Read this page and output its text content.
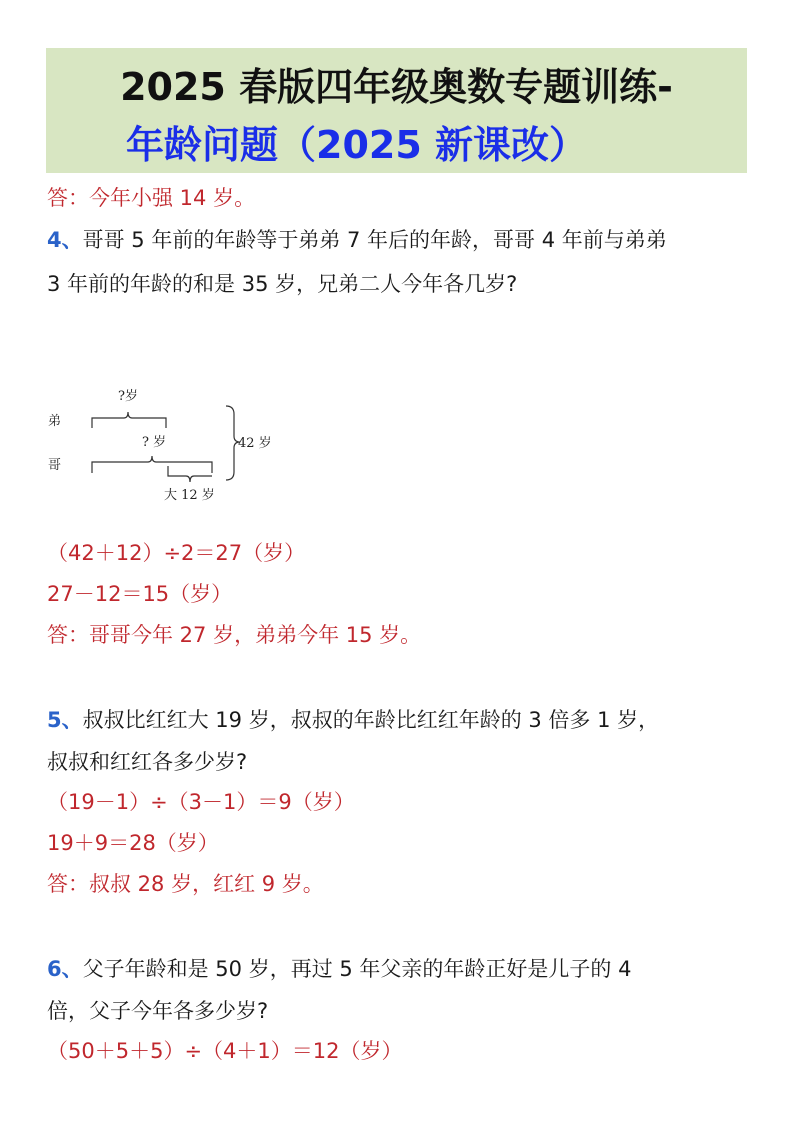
2025 春版四年级奥数专题训练-
年龄问题（2025 新课改）
答：今年小强 14 岁。
4、哥哥 5 年前的年龄等于弟弟 7 年后的年龄，哥哥 4 年前与弟弟
3 年前的年龄的和是 35 岁，兄弟二人今年各几岁?
弟
哥
?岁
? 岁	42 岁
大 12 岁
（42＋12）÷2＝27（岁）
27－12＝15（岁）
答：哥哥今年 27 岁，弟弟今年 15 岁。
5、叔叔比红红大 19 岁，叔叔的年龄比红红年龄的 3 倍多 1 岁，
叔叔和红红各多少岁?
（19－1）÷（3－1）＝9（岁）
19＋9＝28（岁）
答：叔叔 28 岁，红红 9 岁。
6、父子年龄和是 50 岁，再过 5 年父亲的年龄正好是儿子的 4
倍，父子今年各多少岁?
（50＋5＋5）÷（4＋1）＝12（岁）
